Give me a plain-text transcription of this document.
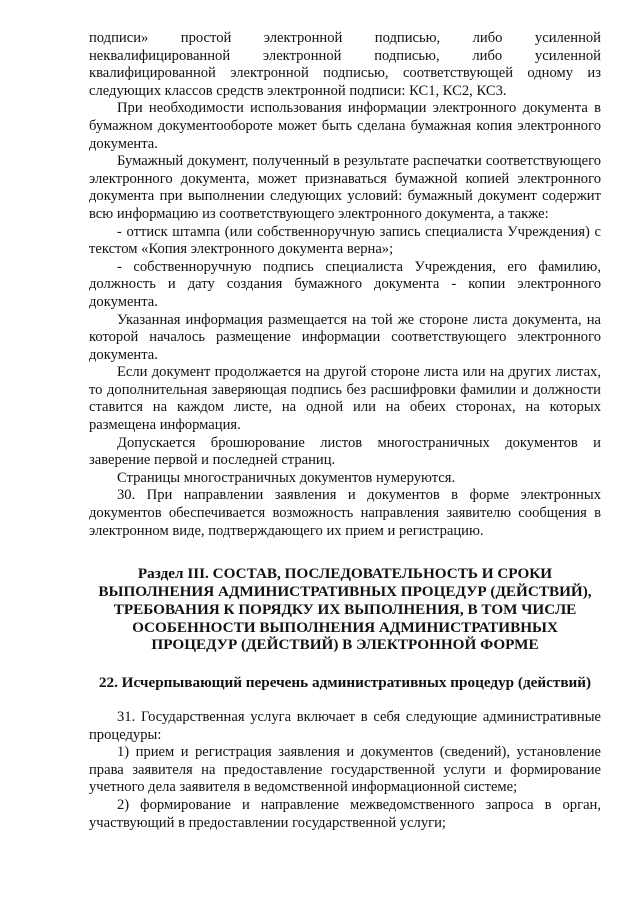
подписи» простой электронной подписью, либо усиленной неквалифицированной электронной подписью, либо усиленной квалифицированной электронной подписью, соответствующей одному из следующих классов средств электронной подписи: КС1, КС2, КС3.

При необходимости использования информации электронного документа в бумажном документообороте может быть сделана бумажная копия электронного документа.

Бумажный документ, полученный в результате распечатки соответствующего электронного документа, может признаваться бумажной копией электронного документа при выполнении следующих условий: бумажный документ содержит всю информацию из соответствующего электронного документа, а также:

- оттиск штампа (или собственноручную запись специалиста Учреждения) с текстом «Копия электронного документа верна»;

- собственноручную подпись специалиста Учреждения, его фамилию, должность и дату создания бумажного документа - копии электронного документа.

Указанная информация размещается на той же стороне листа документа, на которой началось размещение информации соответствующего электронного документа.

Если документ продолжается на другой стороне листа или на других листах, то дополнительная заверяющая подпись без расшифровки фамилии и должности ставится на каждом листе, на одной или на обеих сторонах, на которых размещена информация.

Допускается брошюрование листов многостраничных документов и заверение первой и последней страниц.

Страницы многостраничных документов нумеруются.

30. При направлении заявления и документов в форме электронных документов обеспечивается возможность направления заявителю сообщения в электронном виде, подтверждающего их прием и регистрацию.

Раздел III. СОСТАВ, ПОСЛЕДОВАТЕЛЬНОСТЬ И СРОКИ ВЫПОЛНЕНИЯ АДМИНИСТРАТИВНЫХ ПРОЦЕДУР (ДЕЙСТВИЙ), ТРЕБОВАНИЯ К ПОРЯДКУ ИХ ВЫПОЛНЕНИЯ, В ТОМ ЧИСЛЕ ОСОБЕННОСТИ ВЫПОЛНЕНИЯ АДМИНИСТРАТИВНЫХ ПРОЦЕДУР (ДЕЙСТВИЙ) В ЭЛЕКТРОННОЙ ФОРМЕ
22. Исчерпывающий перечень административных процедур (действий)

31. Государственная услуга включает в себя следующие административные процедуры:

1) прием и регистрация заявления и документов (сведений), установление права заявителя на предоставление государственной услуги и формирование учетного дела заявителя в ведомственной информационной системе;

2) формирование и направление межведомственного запроса в орган, участвующий в предоставлении государственной услуги;
